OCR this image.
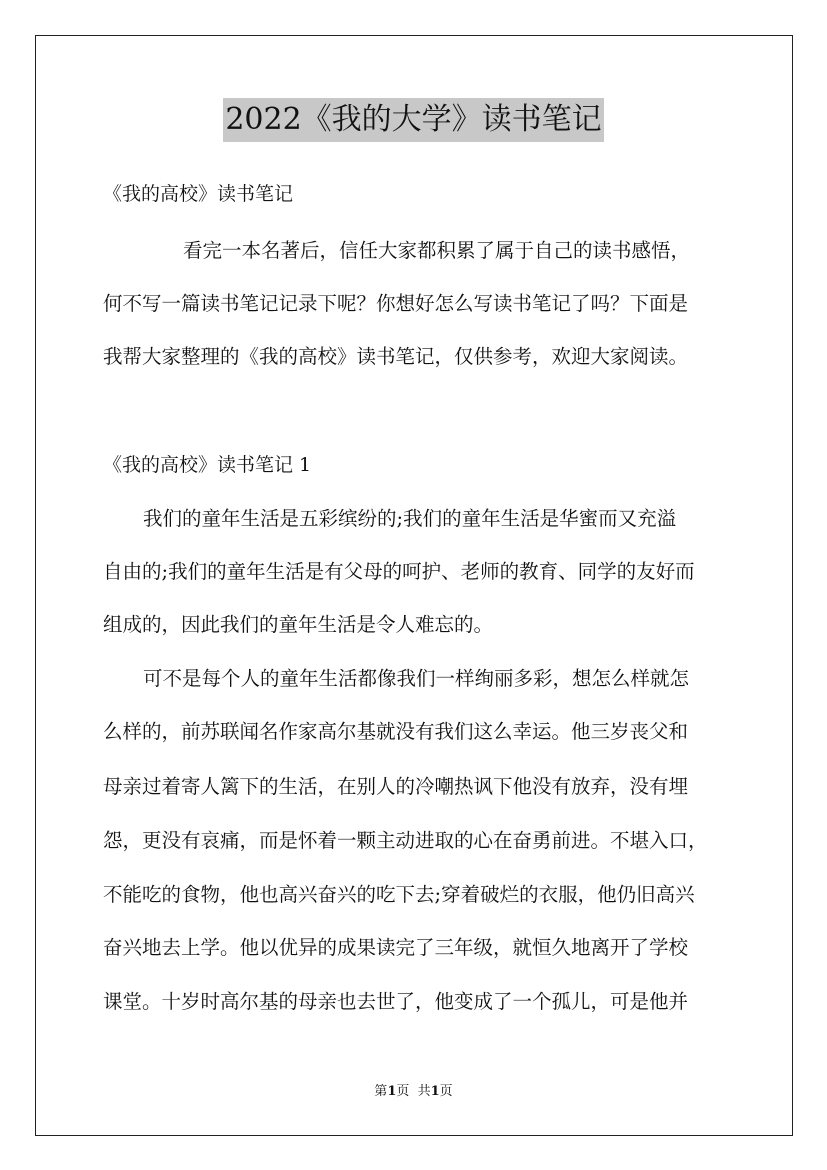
2022《我的大学》读书笔记
《我的高校》读书笔记
看完一本名著后，信任大家都积累了属于自己的读书感悟，
何不写一篇读书笔记记录下呢？你想好怎么写读书笔记了吗？下面是
我帮大家整理的《我的高校》读书笔记，仅供参考，欢迎大家阅读。
《我的高校》读书笔记 1
我们的童年生活是五彩缤纷的;我们的童年生活是华蜜而又充溢
自由的;我们的童年生活是有父母的呵护、老师的教育、同学的友好而
组成的，因此我们的童年生活是令人难忘的。
可不是每个人的童年生活都像我们一样绚丽多彩，想怎么样就怎
么样的，前苏联闻名作家高尔基就没有我们这么幸运。他三岁丧父和
母亲过着寄人篱下的生活，在别人的冷嘲热讽下他没有放弃，没有埋
怨，更没有哀痛，而是怀着一颗主动进取的心在奋勇前进。不堪入口，
不能吃的食物，他也高兴奋兴的吃下去;穿着破烂的衣服，他仍旧高兴
奋兴地去上学。他以优异的成果读完了三年级，就恒久地离开了学校
课堂。十岁时高尔基的母亲也去世了，他变成了一个孤儿，可是他并
第1页  共1页
